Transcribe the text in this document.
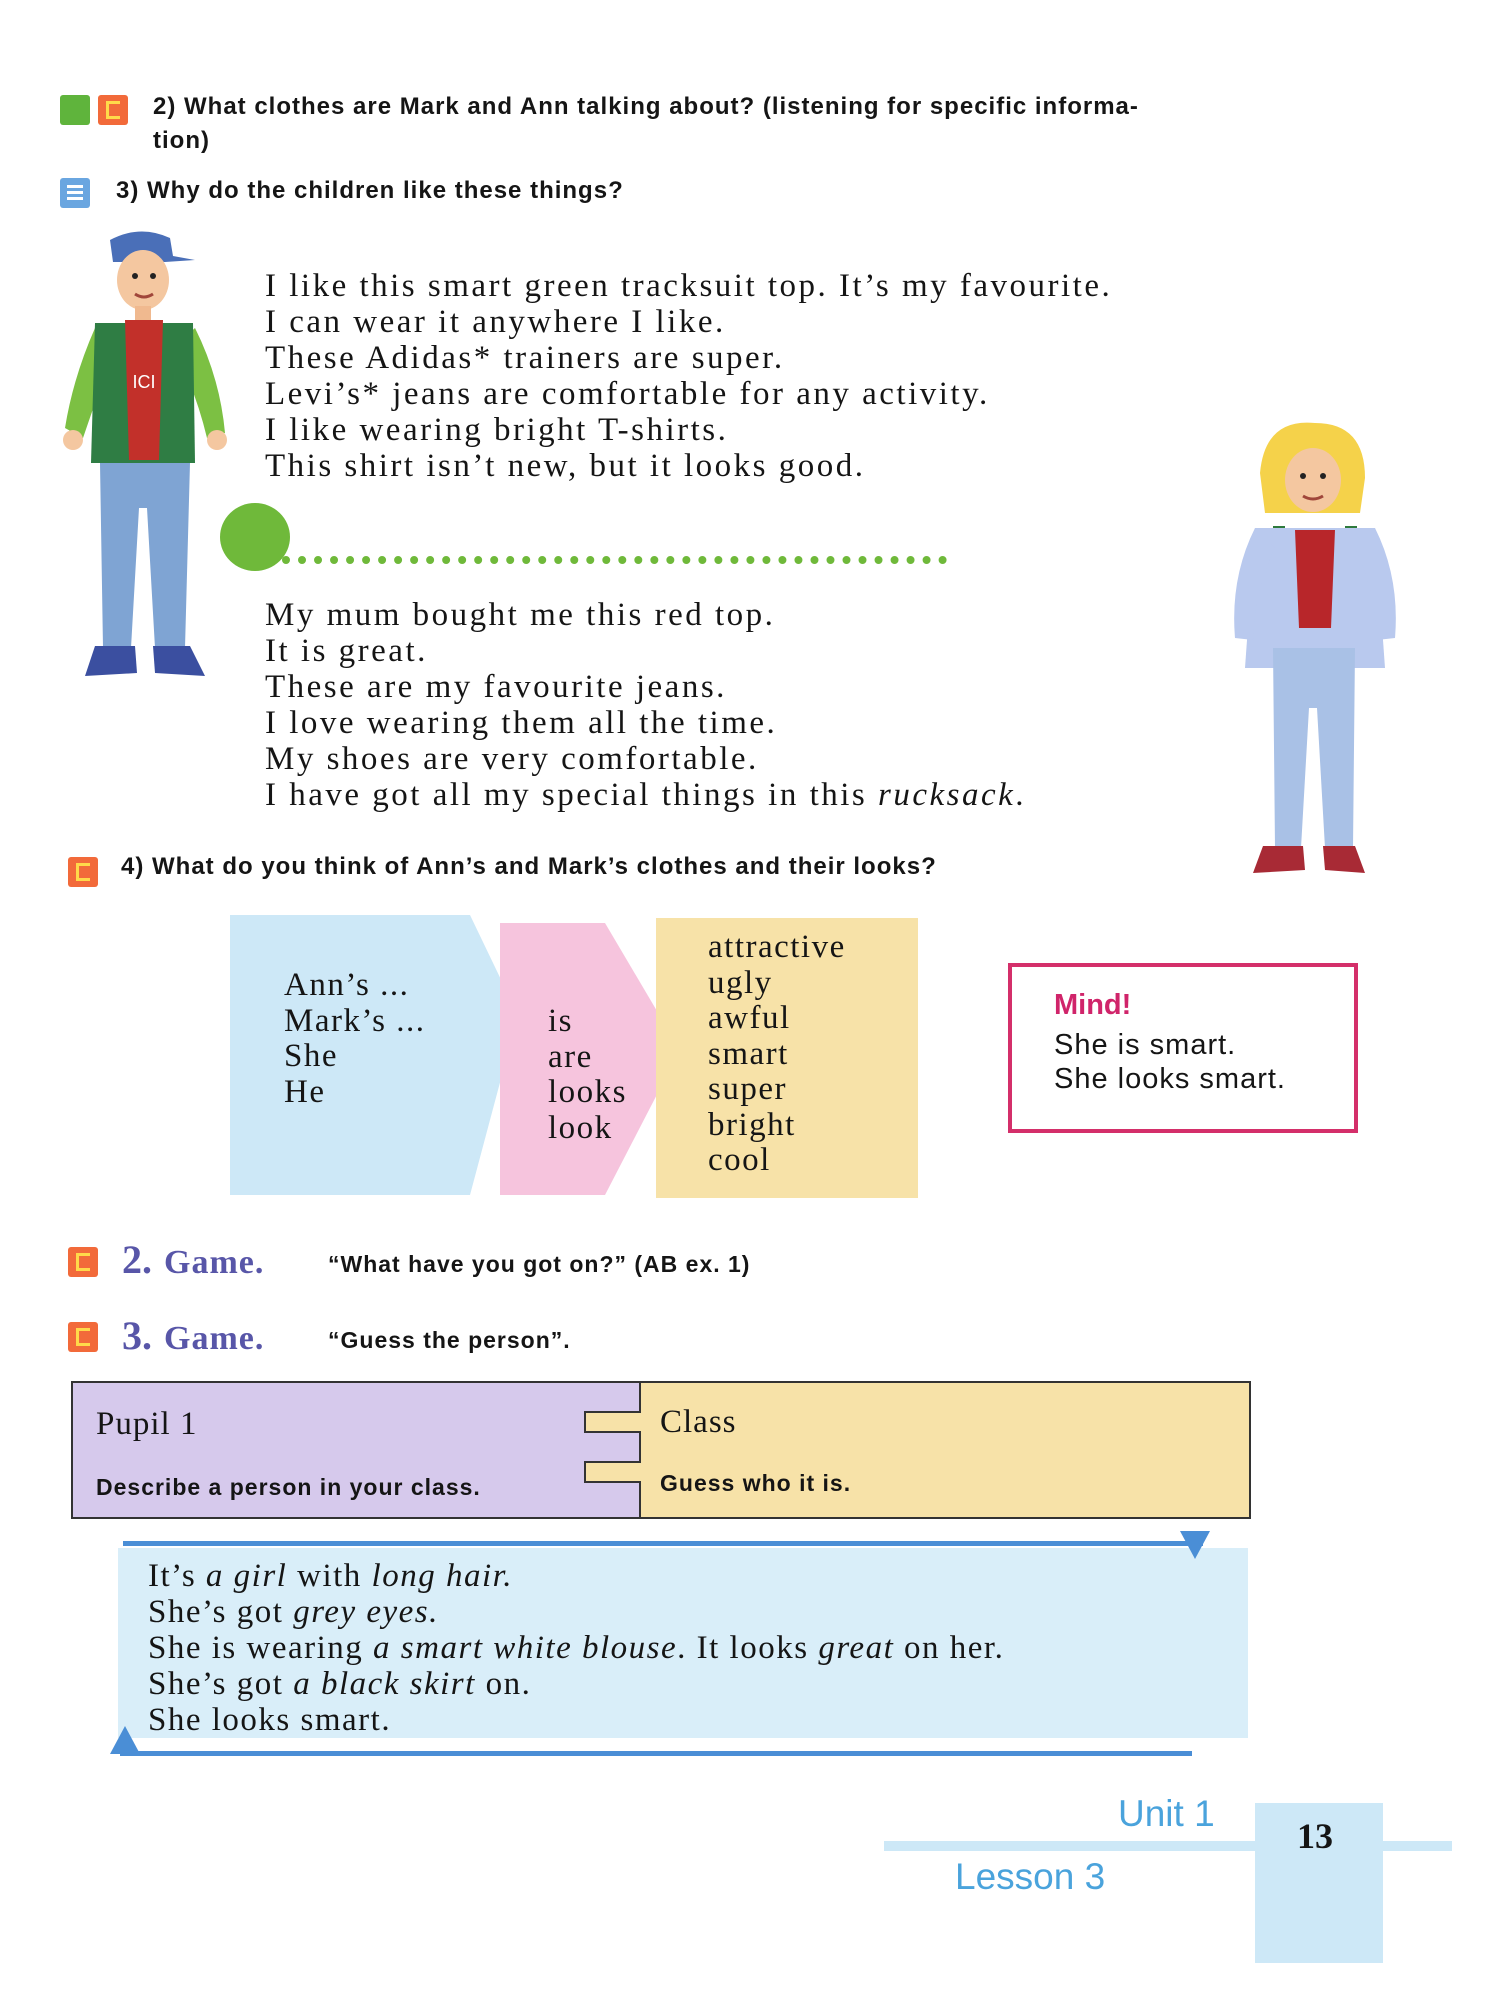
2) What clothes are Mark and Ann talking about? (listening for specific informa-
tion)
3) Why do the children like these things?
ICI
I like this smart green tracksuit top. It’s my favourite.
I can wear it anywhere I like.
These Adidas* trainers are super.
Levi’s* jeans are comfortable for any activity.
I like wearing bright T-shirts.
This shirt isn’t new, but it looks good.
My mum bought me this red top.
It is great.
These are my favourite jeans.
I love wearing them all the time.
My shoes are very comfortable.
I have got all my special things in this rucksack.
4) What do you think of Ann’s and Mark’s clothes and their looks?
Ann’s ...
Mark’s ...
She
He
is
are
looks
look
attractive
ugly
awful
smart
super
bright
cool
Mind!
She is smart.
She looks smart.
2. Game.	“What have you got on?” (AB ex. 1)
3. Game.	“Guess the person”.
Pupil 1
Describe a person in your class.
Class
Guess who it is.
It’s a girl with long hair.
She’s got grey eyes.
She is wearing a smart white blouse. It looks great on her.
She’s got a black skirt on.
She looks smart.
Unit 1
Lesson 3
13
